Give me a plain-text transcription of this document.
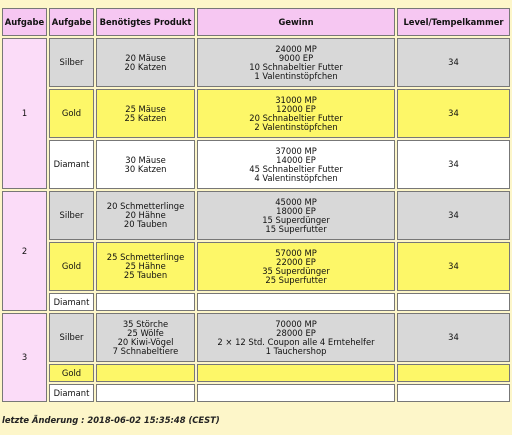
Aufgabe	Aufgabe	Benötigtes Produkt	Gewinn	Level/Tempelkammer
1	Silber	20 Mäuse
20 Katzen	24000 MP
9000 EP
10 Schnabeltier Futter
1 Valentinstöpfchen	34
	Gold	25 Mäuse
25 Katzen	31000 MP
12000 EP
20 Schnabeltier Futter
2 Valentinstöpfchen	34
	Diamant	30 Mäuse
30 Katzen	37000 MP
14000 EP
45 Schnabeltier Futter
4 Valentinstöpfchen	34
2	Silber	20 Schmetterlinge
20 Hähne
20 Tauben	45000 MP
18000 EP
15 Superdünger
15 Superfutter	34
	Gold	25 Schmetterlinge
25 Hähne
25 Tauben	57000 MP
22000 EP
35 Superdünger
25 Superfutter	34
	Diamant			
3	Silber	35 Störche
25 Wölfe
20 Kiwi-Vögel
7 Schnabeltiere	70000 MP
28000 EP
2 × 12 Std. Coupon alle 4 Erntehelfer
1 Tauchershop	34
	Gold			
	Diamant			
letzte Änderung : 2018-06-02 15:35:48 (CEST)
